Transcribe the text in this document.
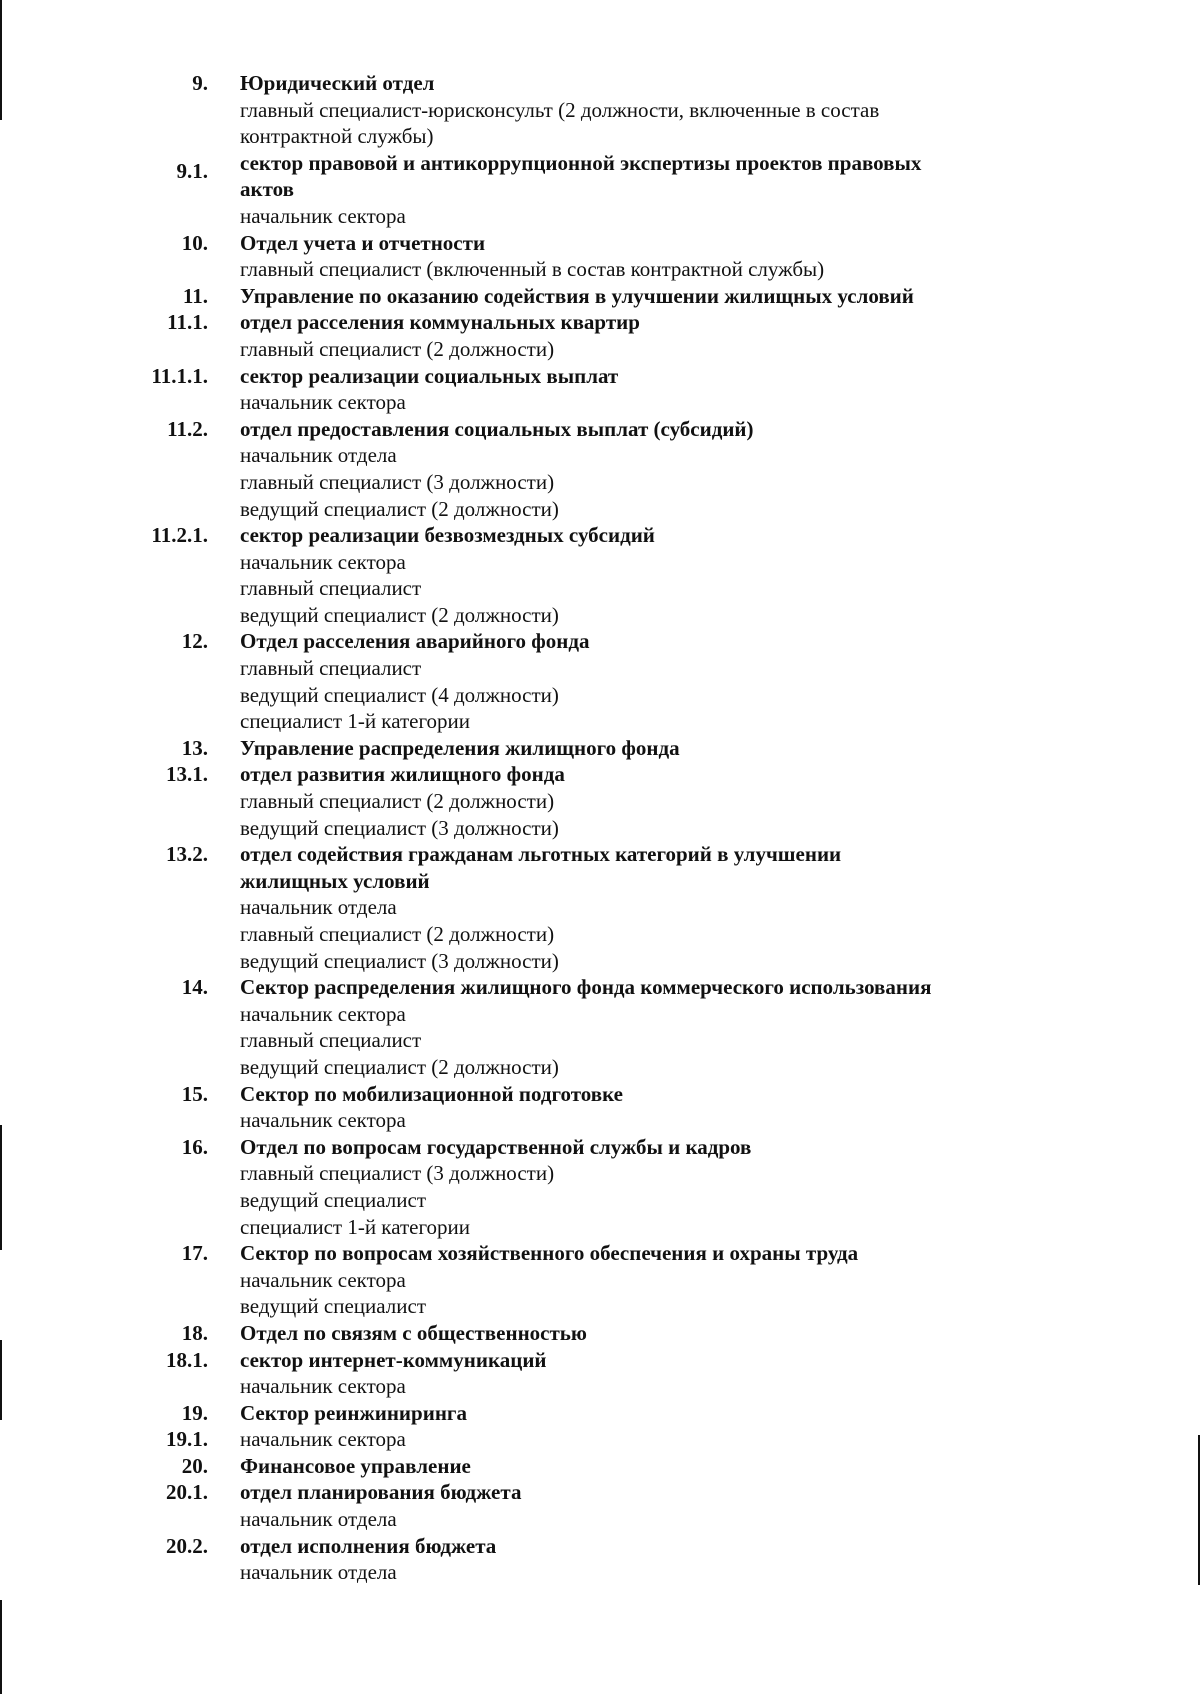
9. Юридический отдел
главный специалист-юрисконсульт (2 должности, включенные в состав
контрактной службы)
9.1. сектор правовой и антикоррупционной экспертизы проектов правовых
актов
начальник сектора
10. Отдел учета и отчетности
главный специалист (включенный в состав контрактной службы)
11. Управление по оказанию содействия в улучшении жилищных условий
11.1. отдел расселения коммунальных квартир
главный специалист (2 должности)
11.1.1. сектор реализации социальных выплат
начальник сектора
11.2. отдел предоставления социальных выплат (субсидий)
начальник отдела
главный специалист (3 должности)
ведущий специалист (2 должности)
11.2.1. сектор реализации безвозмездных субсидий
начальник сектора
главный специалист
ведущий специалист (2 должности)
12. Отдел расселения аварийного фонда
главный специалист
ведущий специалист (4 должности)
специалист 1-й категории
13. Управление распределения жилищного фонда
13.1. отдел развития жилищного фонда
главный специалист (2 должности)
ведущий специалист (3 должности)
13.2. отдел содействия гражданам льготных категорий в улучшении
жилищных условий
начальник отдела
главный специалист (2 должности)
ведущий специалист (3 должности)
14. Сектор распределения жилищного фонда коммерческого использования
начальник сектора
главный специалист
ведущий специалист (2 должности)
15. Сектор по мобилизационной подготовке
начальник сектора
16. Отдел по вопросам государственной службы и кадров
главный специалист (3 должности)
ведущий специалист
специалист 1-й категории
17. Сектор по вопросам хозяйственного обеспечения и охраны труда
начальник сектора
ведущий специалист
18. Отдел по связям с общественностью
18.1. сектор интернет-коммуникаций
начальник сектора
19. Сектор реинжиниринга
19.1. начальник сектора
20. Финансовое управление
20.1. отдел планирования бюджета
начальник отдела
20.2. отдел исполнения бюджета
начальник отдела
